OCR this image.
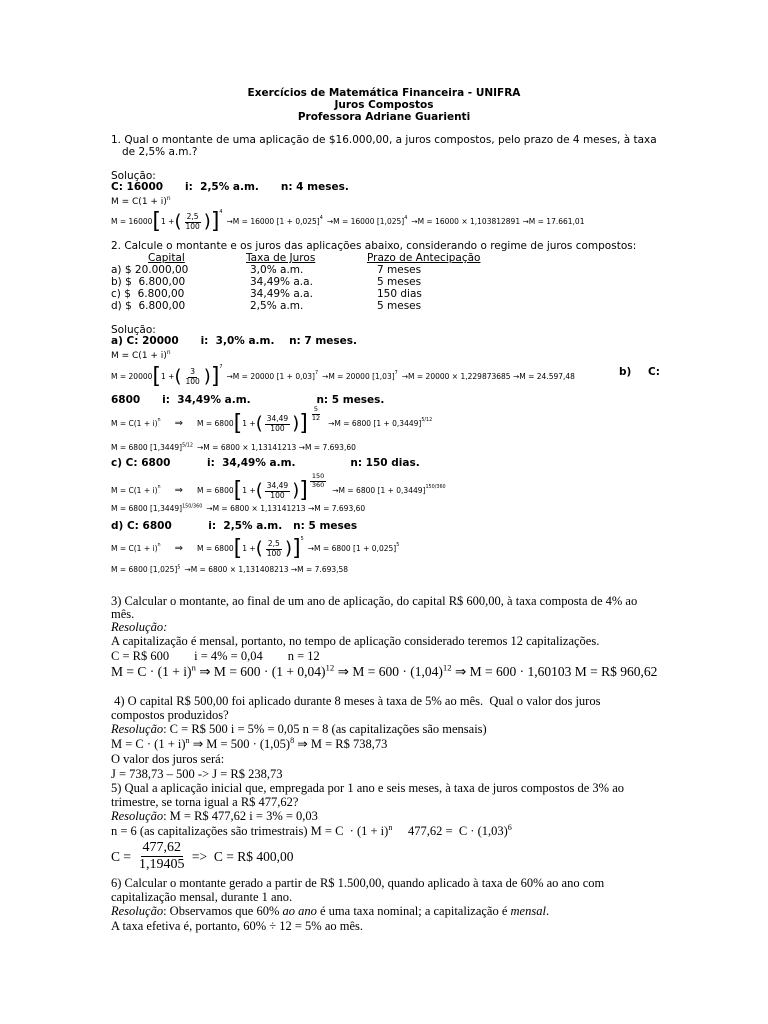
Exercícios de Matemática Financeira - UNIFRA
Juros Compostos
Professora Adriane Guarienti
1. Qual o montante de uma aplicação de $16.000,00, a juros compostos, pelo prazo de 4 meses, à taxa
de 2,5% a.m.?
Solução:
C: 16000      i:  2,5% a.m.      n: 4 meses.
$M = C(1 + i)^n$
M = 16000 [ 1 + ( $\frac{2,5}{100}$ ) ]$^4$
→M = 16000 $[1 + 0,025]^4 \to M = 16000$ $[1,025]^4 \to M = 16000 \times 1,103812891 \to M = 17.661,01$
2. Calcule o montante e os juros das aplicações abaixo, considerando o regime de juros compostos:
Capital	Taxa de Juros	Prazo de Antecipação
a) $ 20.000,00	3,0% a.m.	7 meses
b) $  6.800,00	34,49% a.a.	5 meses
c) $  6.800,00	34,49% a.a.	150 dias
d) $  6.800,00	2,5% a.m.	5 meses
Solução:
a) C: 20000      i:  3,0% a.m.    n: 7 meses.
$M = C(1 + i)^n$
M = 20000 [ 1 + ( $\frac{3}{100}$ ) ]$^7$
→M = 20000 $[1 + 0,03]^7 \to M = 20000$ $[1,03]^7 \to M = 20000 \times 1,229873685 \to M = 24.597,48$	b) C:
6800      i:  34,49% a.m.                  n: 5 meses.
$M = C(1 + i)^n$ ⇒ M = 6800 [ 1 + ( $\frac{34,49}{100}$ ) ] $\frac{5}{12}$
→M = 6800 $[1 + 0,3449]^{5/12}$
M = 6800 $[1,3449]^{5/12} \to M = 6800 \times 1,13141213 \to M = 7.693,60$
c) C: 6800          i:  34,49% a.m.               n: 150 dias.
$M = C(1 + i)^n$ ⇒ M = 6800 [ 1 + ( $\frac{34,49}{100}$ ) ] $\frac{150}{360}$
→M = 6800 $[1 + 0,3449]^{150/360}$
M = 6800 $[1,3449]^{150/360} \to M = 6800 \times 1,13141213 \to M = 7.693,60$
d) C: 6800          i:  2,5% a.m.   n: 5 meses
$M = C(1 + i)^n$ ⇒ M = 6800 [ 1 + ( $\frac{2,5}{100}$ ) ]$^5$
→M = 6800 $[1 + 0,025]^5$
M = 6800 $[1,025]^5 \to M = 6800 \times 1,131408213 \to M = 7.693,58$
3) Calcular o montante, ao final de um ano de aplicação, do capital R$ 600,00, à taxa composta de 4% ao
mês.
Resolução:
A capitalização é mensal, portanto, no tempo de aplicação considerado teremos 12 capitalizações.
C = R$ 600        i = 4% = 0,04        n = 12
$M = C \cdot (1 + i)^n$ ⇒ $M = 600 \cdot (1 + 0,04)^{12}$ ⇒ $M = 600 \cdot (1,04)^{12}$ ⇒ M = 600 · 1,60103 M = R$ 960,62
4) O capital R$ 500,00 foi aplicado durante 8 meses à taxa de 5% ao mês.  Qual o valor dos juros
compostos produzidos?
Resolução: C = R$ 500 i = 5% = 0,05 n = 8 (as capitalizações são mensais)
$M = C \cdot (1 + i)^n$ ⇒ $M = 500 \cdot (1,05)^8$ ⇒ M = R$ 738,73
O valor dos juros será:
J = 738,73 – 500 -> J = R$ 238,73
5) Qual a aplicação inicial que, empregada por 1 ano e seis meses, à taxa de juros compostos de 3% ao
trimestre, se torna igual a R$ 477,62?
Resolução: M = R$ 477,62 i = 3% = 0,03
n = 6 (as capitalizações são trimestrais) $M = C \cdot (1 + i)^n$     $477,62 = C \cdot (1,03)^6$
$C = \frac{477,62}{1,19405} => C$ = R$ 400,00
6) Calcular o montante gerado a partir de R$ 1.500,00, quando aplicado à taxa de 60% ao ano com
capitalização mensal, durante 1 ano.
Resolução: Observamos que 60% ao ano é uma taxa nominal; a capitalização é mensal.
A taxa efetiva é, portanto, 60% ÷ 12 = 5% ao mês.
